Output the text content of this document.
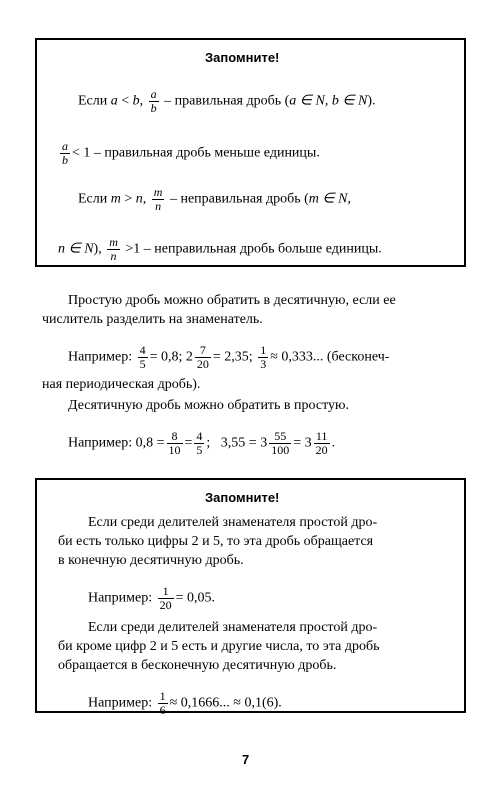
Запомните!
Если a < b, $\frac{a}{b}$ – правильная дробь (a ∈ N, b ∈ N).
$\frac{a}{b} < 1$ – правильная дробь меньше единицы.
Если m > n, $\frac{m}{n}$ – неправильная дробь (m ∈ N,
n ∈ N), $\frac{m}{n} >1$ – неправильная дробь больше единицы.
Простую дробь можно обратить в десятичную, если ее
числитель разделить на знаменатель.
Например: $\frac{4}{5} = 0,8$; $2 \frac{7}{20} = 2,35$; $\frac{1}{3} \approx 0,333$... (бесконеч-
ная периодическая дробь).
Десятичную дробь можно обратить в простую.
Например: $0,8 = \frac{8}{10} = \frac{4}{5}$ ; $3,55 = 3 \frac{55}{100} = 3 \frac{11}{20}$ .
Запомните!
Если среди делителей знаменателя простой дро-
би есть только цифры 2 и 5, то эта дробь обращается
в конечную десятичную дробь.
Например: $\frac{1}{20} = 0,05$.
Если среди делителей знаменателя простой дро-
би кроме цифр 2 и 5 есть и другие числа, то эта дробь
обращается в бесконечную десятичную дробь.
Например: $\frac{1}{6} \approx 0,1666$... ≈ 0,1(6).
7
